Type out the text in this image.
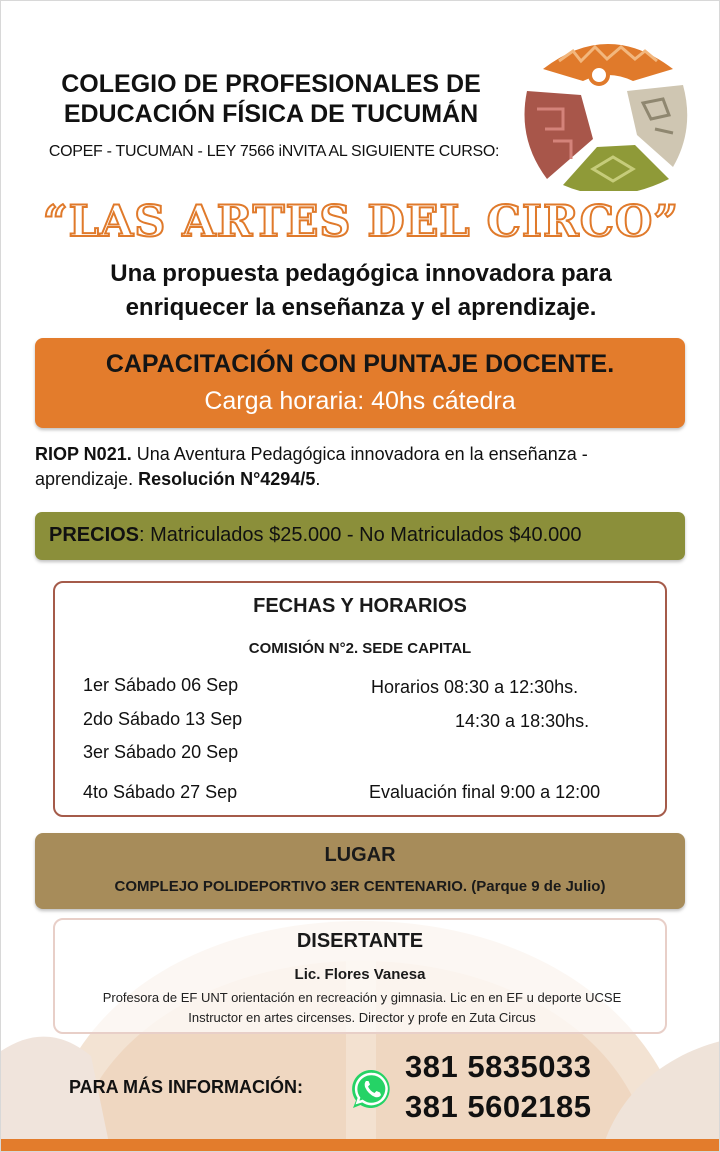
COLEGIO DE PROFESIONALES DE
EDUCACIÓN FÍSICA DE TUCUMÁN
COPEF - TUCUMAN - LEY 7566 iNVITA AL SIGUIENTE CURSO:
“LAS ARTES DEL CIRCO”
Una propuesta pedagógica innovadora para
enriquecer la enseñanza y el aprendizaje.
CAPACITACIÓN CON PUNTAJE DOCENTE.
Carga horaria: 40hs cátedra
RIOP N021. Una Aventura Pedagógica innovadora en la enseñanza - aprendizaje. Resolución N°4294/5.
PRECIOS: Matriculados $25.000 - No Matriculados $40.000
FECHAS Y HORARIOS
COMISIÓN N°2. SEDE CAPITAL
1er Sábado 06 Sep
2do Sábado 13 Sep
3er Sábado 20 Sep
4to Sábado 27 Sep
Horarios 08:30 a 12:30hs.
14:30 a 18:30hs.
Evaluación final 9:00 a 12:00
LUGAR
COMPLEJO POLIDEPORTIVO 3ER CENTENARIO. (Parque 9 de Julio)
DISERTANTE
Lic. Flores Vanesa
Profesora de EF UNT orientación en recreación y gimnasia. Lic en en EF u deporte UCSE
Instructor en artes circenses. Director y profe en Zuta Circus
PARA MÁS INFORMACIÓN:
381 5835033
381 5602185
